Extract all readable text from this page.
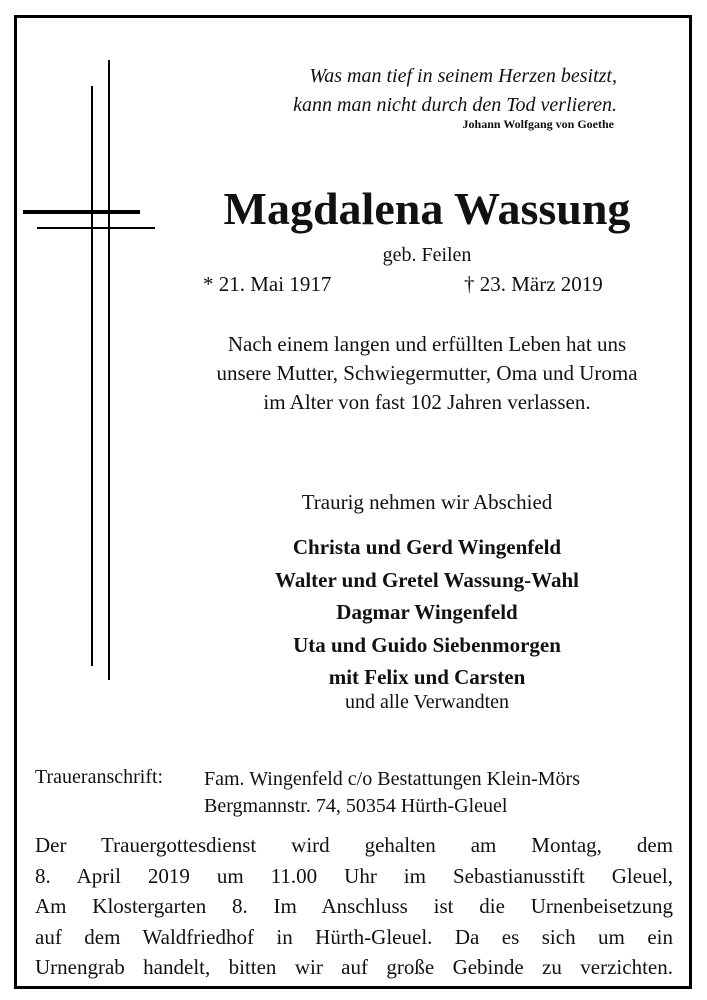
Was man tief in seinem Herzen besitzt,
kann man nicht durch den Tod verlieren.
Johann Wolfgang von Goethe
Magdalena Wassung
geb. Feilen
* 21. Mai 1917	† 23. März 2019
Nach einem langen und erfüllten Leben hat uns
unsere Mutter, Schwiegermutter, Oma und Uroma
im Alter von fast 102 Jahren verlassen.
Traurig nehmen wir Abschied
Christa und Gerd Wingenfeld
Walter und Gretel Wassung-Wahl
Dagmar Wingenfeld
Uta und Guido Siebenmorgen
mit Felix und Carsten
und alle Verwandten
Traueranschrift: Fam. Wingenfeld c/o Bestattungen Klein-Mörs
Bergmannstr. 74, 50354 Hürth-Gleuel
Der Trauergottesdienst wird gehalten am Montag, dem
8. April 2019 um 11.00 Uhr im Sebastianusstift Gleuel,
Am Klostergarten 8. Im Anschluss ist die Urnenbeisetzung
auf dem Waldfriedhof in Hürth-Gleuel. Da es sich um ein
Urnengrab handelt, bitten wir auf große Gebinde zu verzichten.
